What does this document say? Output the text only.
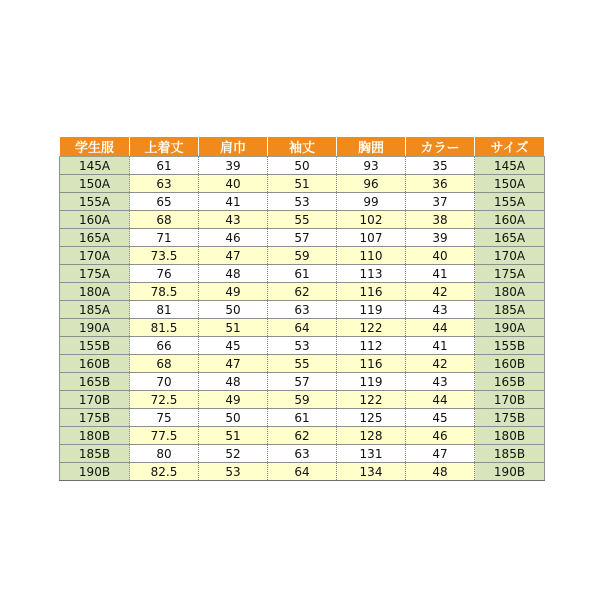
学生服	上着丈	肩巾	袖丈	胸囲	カラー	サイズ
145A	61	39	50	93	35	145A
150A	63	40	51	96	36	150A
155A	65	41	53	99	37	155A
160A	68	43	55	102	38	160A
165A	71	46	57	107	39	165A
170A	73.5	47	59	110	40	170A
175A	76	48	61	113	41	175A
180A	78.5	49	62	116	42	180A
185A	81	50	63	119	43	185A
190A	81.5	51	64	122	44	190A
155B	66	45	53	112	41	155B
160B	68	47	55	116	42	160B
165B	70	48	57	119	43	165B
170B	72.5	49	59	122	44	170B
175B	75	50	61	125	45	175B
180B	77.5	51	62	128	46	180B
185B	80	52	63	131	47	185B
190B	82.5	53	64	134	48	190B
